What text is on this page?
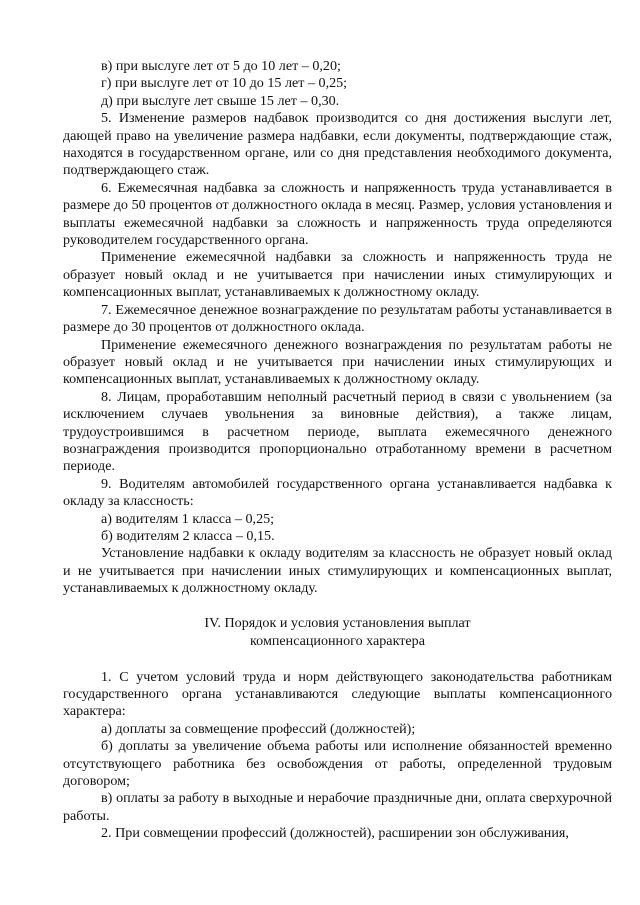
в) при выслуге лет от 5 до 10 лет – 0,20;

г) при выслуге лет от 10 до 15 лет – 0,25;

д) при выслуге лет свыше 15 лет – 0,30.

5. Изменение размеров надбавок производится со дня достижения выслуги лет, дающей право на увеличение размера надбавки, если документы, подтверждающие стаж, находятся в государственном органе, или со дня представления необходимого документа, подтверждающего стаж.

6. Ежемесячная надбавка за сложность и напряженность труда устанавливается в размере до 50 процентов от должностного оклада в месяц. Размер, условия установления и выплаты ежемесячной надбавки за сложность и напряженность труда определяются руководителем государственного органа.

Применение ежемесячной надбавки за сложность и напряженность труда не образует новый оклад и не учитывается при начислении иных стимулирующих и компенсационных выплат, устанавливаемых к должностному окладу.

7. Ежемесячное денежное вознаграждение по результатам работы устанавливается в размере до 30 процентов от должностного оклада.

Применение ежемесячного денежного вознаграждения по результатам работы не образует новый оклад и не учитывается при начислении иных стимулирующих и компенсационных выплат, устанавливаемых к должностному окладу.

8. Лицам, проработавшим неполный расчетный период в связи с увольнением (за исключением случаев увольнения за виновные действия), а также лицам, трудоустроившимся в расчетном периоде, выплата ежемесячного денежного вознаграждения производится пропорционально отработанному времени в расчетном периоде.

9. Водителям автомобилей государственного органа устанавливается надбавка к окладу за классность:

а) водителям 1 класса – 0,25;

б) водителям 2 класса – 0,15.

Установление надбавки к окладу водителям за классность не образует новый оклад и не учитывается при начислении иных стимулирующих и компенсационных выплат, устанавливаемых к должностному окладу.

IV. Порядок и условия установления выплат
компенсационного характера

1. С учетом условий труда и норм действующего законодательства работникам государственного органа устанавливаются следующие выплаты компенсационного характера:

а) доплаты за совмещение профессий (должностей);

б) доплаты за увеличение объема работы или исполнение обязанностей временно отсутствующего работника без освобождения от работы, определенной трудовым договором;

в) оплаты за работу в выходные и нерабочие праздничные дни, оплата сверхурочной работы.

2. При совмещении профессий (должностей), расширении зон обслуживания,
